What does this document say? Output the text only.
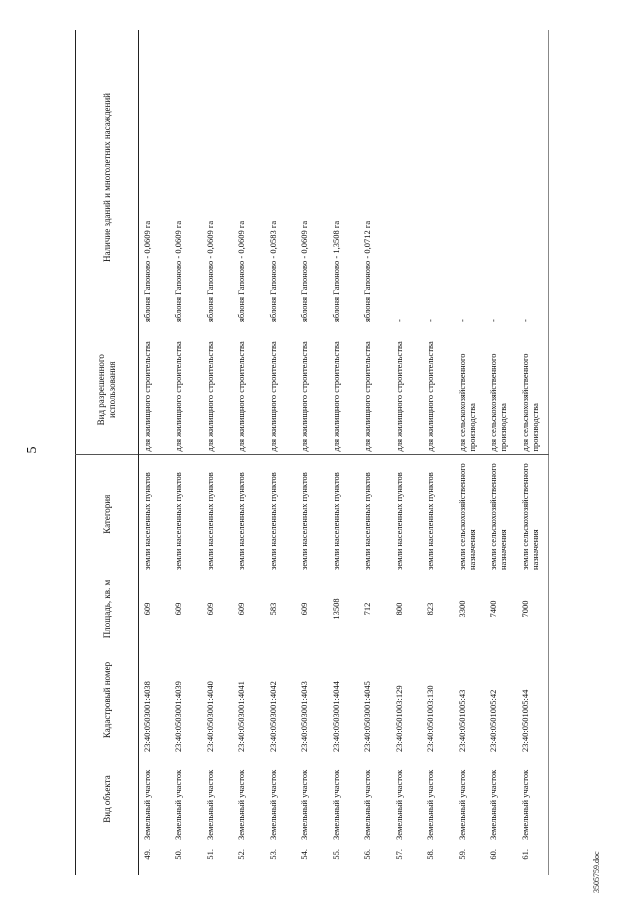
5
	Вид объекта	Кадастровый номер	Площадь, кв. м	Категория	Вид разрешенного использования	Наличие зданий и многолетних насаждений
49.	Земельный участок	23:40:0503001:4038	609	земли населенных пунктов	для жилищного строительства	яблоня Гапоново - 0,0609 га
50.	Земельный участок	23:40:0503001:4039	609	земли населенных пунктов	для жилищного строительства	яблоня Гапоново - 0,0609 га
51.	Земельный участок	23:40:0503001:4040	609	земли населенных пунктов	для жилищного строительства	яблоня Гапоново - 0,0609 га
52.	Земельный участок	23:40:0503001:4041	609	земли населенных пунктов	для жилищного строительства	яблоня Гапоново - 0,0609 га
53.	Земельный участок	23:40:0503001:4042	583	земли населенных пунктов	для жилищного строительства	яблоня Гапоново - 0,0583 га
54.	Земельный участок	23:40:0503001:4043	609	земли населенных пунктов	для жилищного строительства	яблоня Гапоново - 0,0609 га
55.	Земельный участок	23:40:0503001:4044	13508	земли населенных пунктов	для жилищного строительства	яблоня Гапоново - 1,3508 га
56.	Земельный участок	23:40:0503001:4045	712	земли населенных пунктов	для жилищного строительства	яблоня Гапоново - 0,0712 га
57.	Земельный участок	23:40:0501003:129	800	земли населенных пунктов	для жилищного строительства	-
58.	Земельный участок	23:40:0501003:130	823	земли населенных пунктов	для жилищного строительства	-
59.	Земельный участок	23:40:0501005:43	3300	земли сельскохозяйственного назначения	для сельскохозяйственного производства	-
60.	Земельный участок	23:40:0501005:42	7400	земли сельскохозяйственного назначения	для сельскохозяйственного производства	-
61.	Земельный участок	23:40:0501005:44	7000	земли сельскохозяйственного назначения	для сельскохозяйственного производства	-
3505759.doc
